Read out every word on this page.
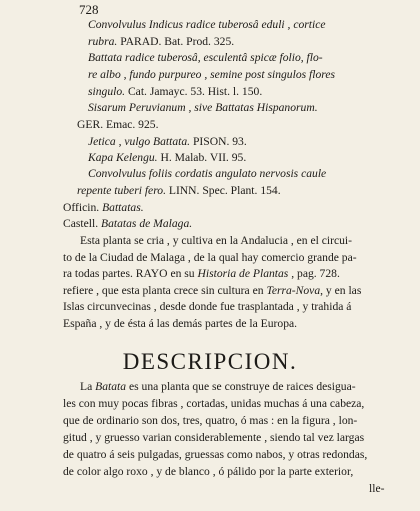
728
Convolvulus Indicus radice tuberosâ eduli , cortice
rubra. PARAD. Bat. Prod. 325.
Battata radice tuberosâ, esculentâ spicæ folio, flo-
re albo , fundo purpureo , semine post singulos flores
singulo. Cat. Jamayc. 53. Hist. l. 150.
Sisarum Peruvianum , sive Battatas Hispanorum.
GER. Emac. 925.
Jetica , vulgo Battata. PISON. 93.
Kapa Kelengu. H. Malab. VII. 95.
Convolvulus foliis cordatis angulato nervosis caule
repente tuberi fero. LINN. Spec. Plant. 154.
Officin. Battatas.
Castell. Batatas de Malaga.
Esta planta se cria , y cultiva en la Andalucia , en el circui-
to de la Ciudad de Malaga , de la qual hay comercio grande pa-
ra todas partes. RAYO en su Historia de Plantas , pag. 728.
refiere , que esta planta crece sin cultura en Terra-Nova, y en las
Islas circunvecinas , desde donde fue trasplantada , y trahida á
España , y de ésta á las demás partes de la Europa.
DESCRIPCION.
La Batata es una planta que se construye de raices desigua-
les con muy pocas fibras , cortadas, unidas muchas á una cabeza,
que de ordinario son dos, tres, quatro, ó mas : en la figura , lon-
gitud , y gruesso varian considerablemente , siendo tal vez largas
de quatro á seis pulgadas, gruessas como nabos, y otras redondas,
de color algo roxo , y de blanco , ó pálido por la parte exterior,
lle-
